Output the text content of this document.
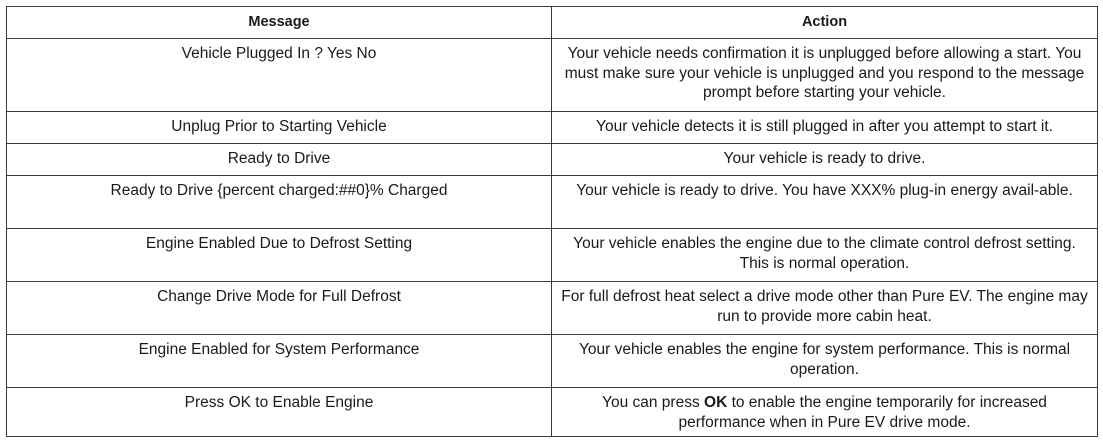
Message	Action
Vehicle Plugged In ? Yes No	Your vehicle needs confirmation it is unplugged before allowing a start. You must make sure your vehicle is unplugged and you respond to the message prompt before starting your vehicle.
Unplug Prior to Starting Vehicle	Your vehicle detects it is still plugged in after you attempt to start it.
Ready to Drive	Your vehicle is ready to drive.
Ready to Drive {percent charged:##0}% Charged	Your vehicle is ready to drive. You have XXX% plug-in energy avail-able.
Engine Enabled Due to Defrost Setting	Your vehicle enables the engine due to the climate control defrost setting. This is normal operation.
Change Drive Mode for Full Defrost	For full defrost heat select a drive mode other than Pure EV. The engine may run to provide more cabin heat.
Engine Enabled for System Performance	Your vehicle enables the engine for system performance. This is normal operation.
Press OK to Enable Engine	You can press OK to enable the engine temporarily for increased performance when in Pure EV drive mode.
